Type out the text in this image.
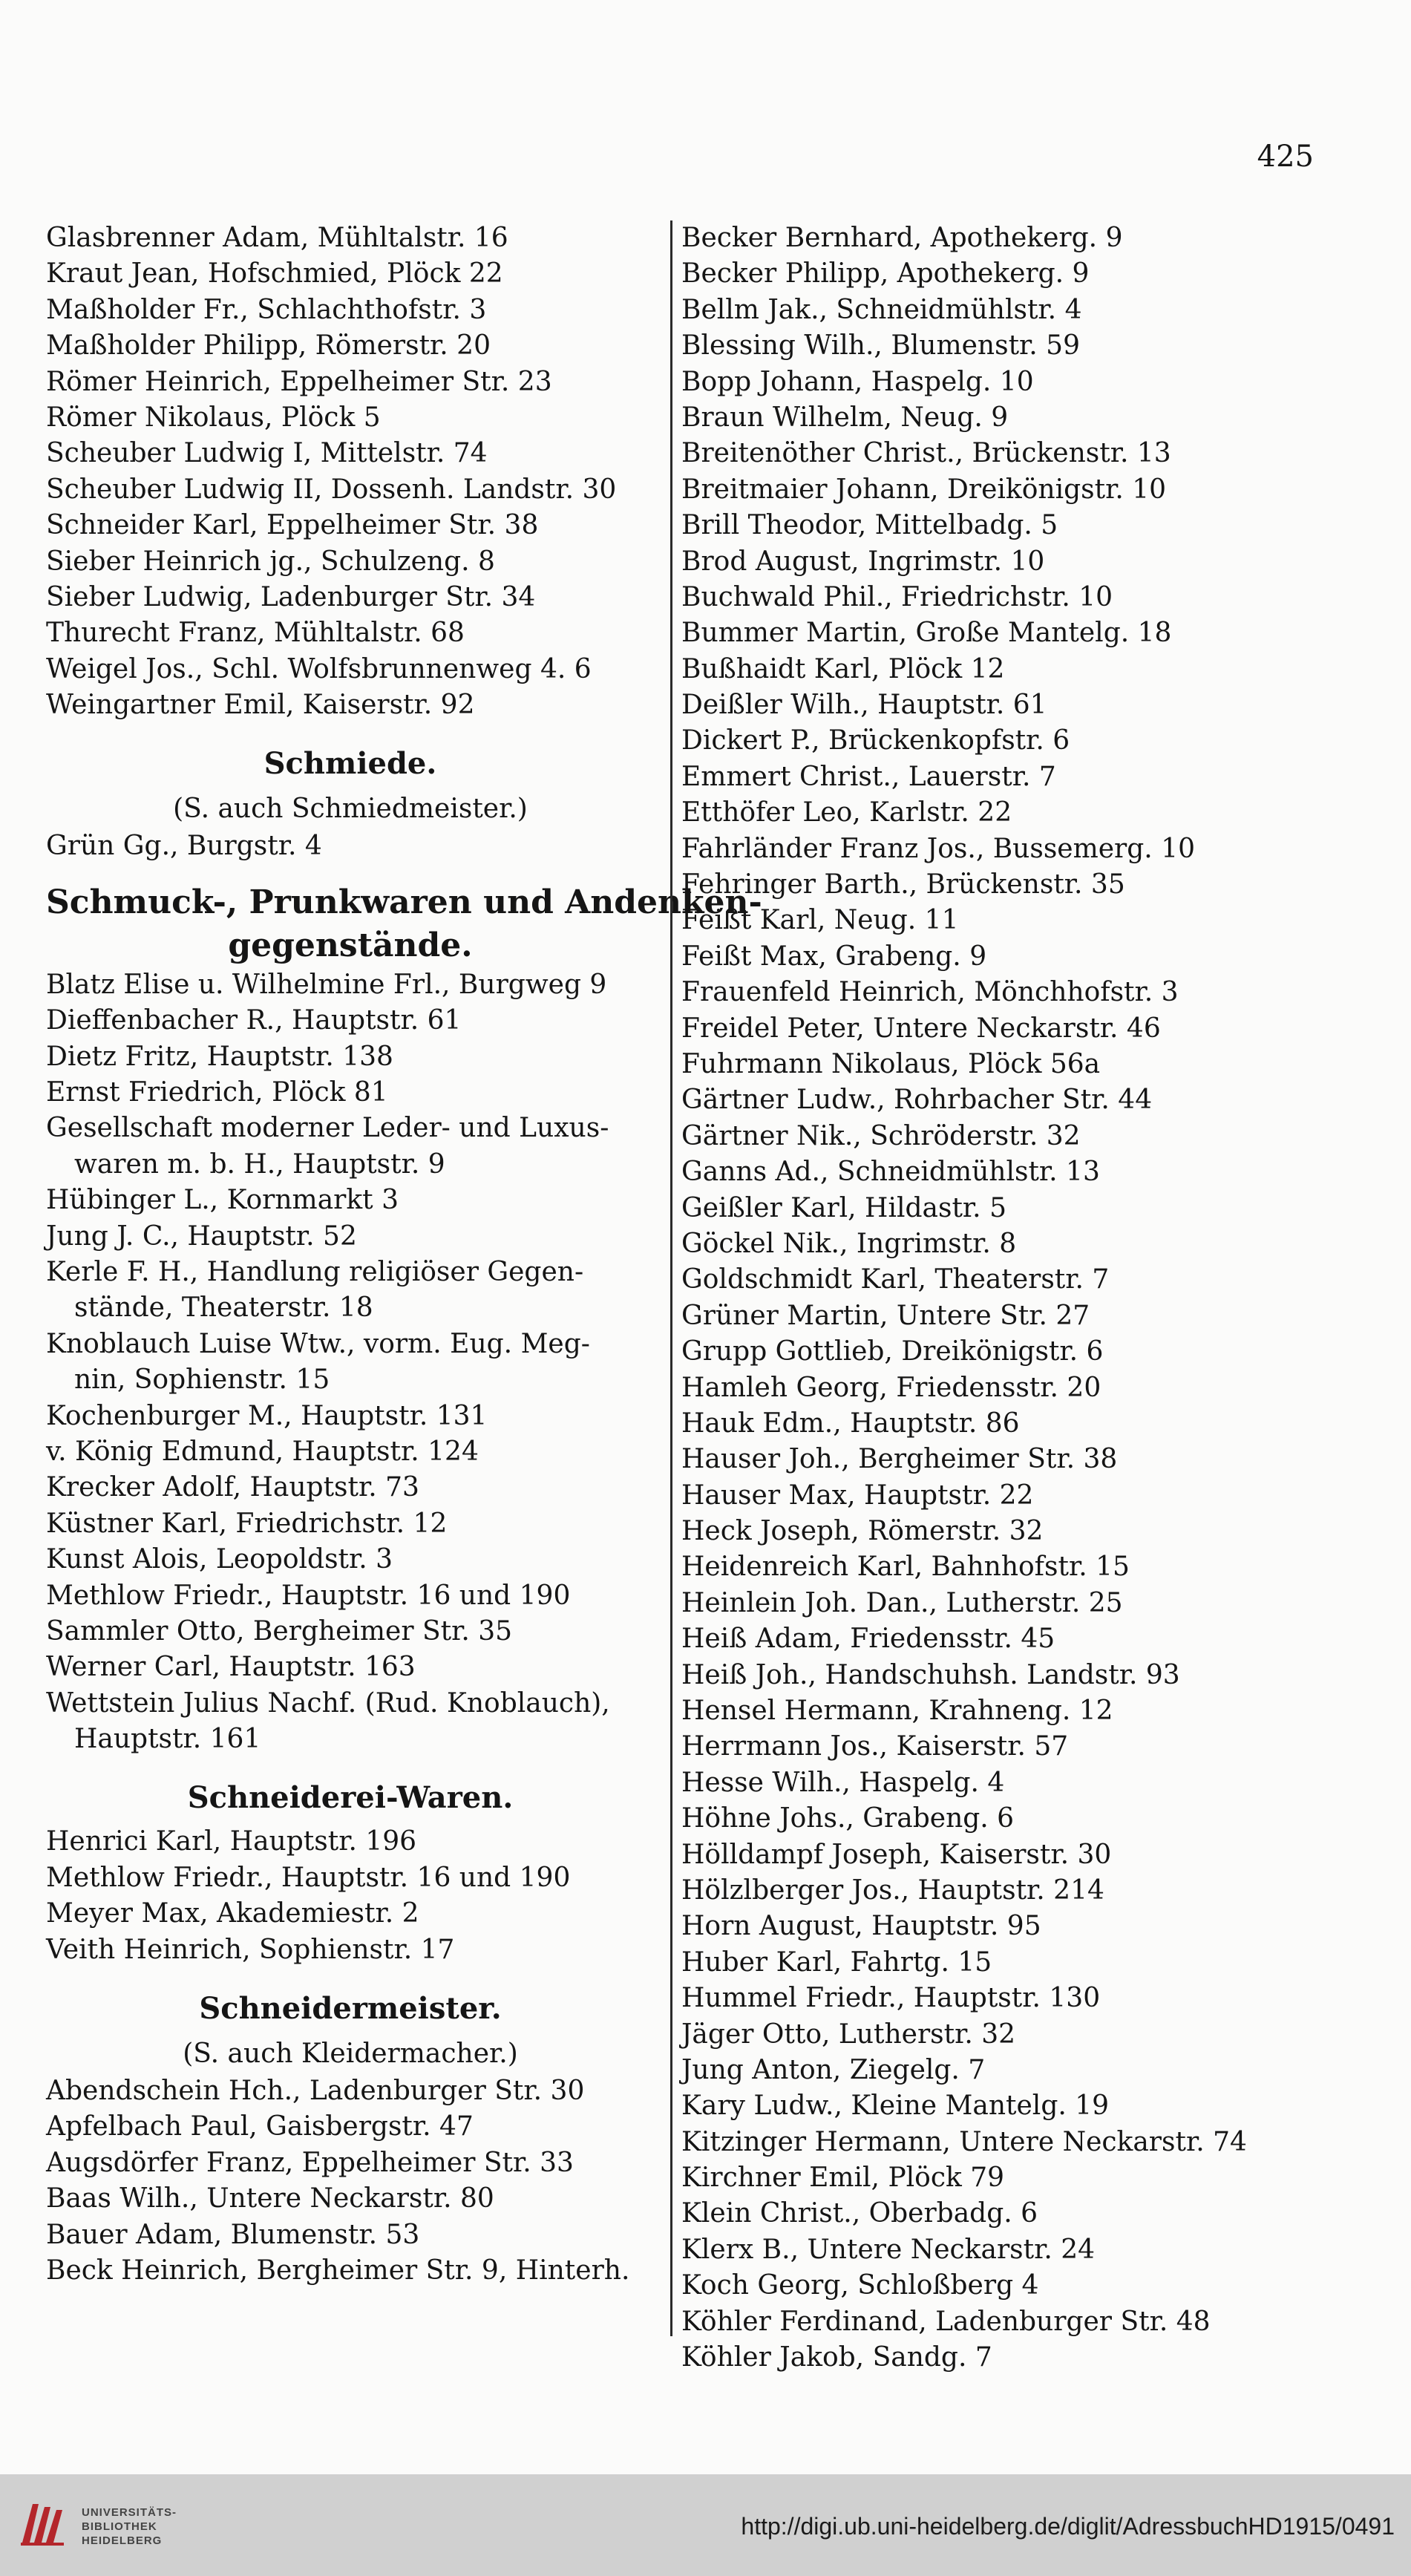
425
Glasbrenner Adam, Mühltalstr. 16
Kraut Jean, Hofschmied, Plöck 22
Maßholder Fr., Schlachthofstr. 3
Maßholder Philipp, Römerstr. 20
Römer Heinrich, Eppelheimer Str. 23
Römer Nikolaus, Plöck 5
Scheuber Ludwig I, Mittelstr. 74
Scheuber Ludwig II, Dossenh. Landstr. 30
Schneider Karl, Eppelheimer Str. 38
Sieber Heinrich jg., Schulzeng. 8
Sieber Ludwig, Ladenburger Str. 34
Thurecht Franz, Mühltalstr. 68
Weigel Jos., Schl. Wolfsbrunnenweg 4. 6
Weingartner Emil, Kaiserstr. 92
Schmiede.
(S. auch Schmiedmeister.)
Grün Gg., Burgstr. 4
Schmuck-, Prunkwaren und Andenken-
gegenstände.
Blatz Elise u. Wilhelmine Frl., Burgweg 9
Dieffenbacher R., Hauptstr. 61
Dietz Fritz, Hauptstr. 138
Ernst Friedrich, Plöck 81
Gesellschaft moderner Leder- und Luxus-
waren m. b. H., Hauptstr. 9
Hübinger L., Kornmarkt 3
Jung J. C., Hauptstr. 52
Kerle F. H., Handlung religiöser Gegen-
stände, Theaterstr. 18
Knoblauch Luise Wtw., vorm. Eug. Meg-
nin, Sophienstr. 15
Kochenburger M., Hauptstr. 131
v. König Edmund, Hauptstr. 124
Krecker Adolf, Hauptstr. 73
Küstner Karl, Friedrichstr. 12
Kunst Alois, Leopoldstr. 3
Methlow Friedr., Hauptstr. 16 und 190
Sammler Otto, Bergheimer Str. 35
Werner Carl, Hauptstr. 163
Wettstein Julius Nachf. (Rud. Knoblauch),
Hauptstr. 161
Schneiderei-Waren.
Henrici Karl, Hauptstr. 196
Methlow Friedr., Hauptstr. 16 und 190
Meyer Max, Akademiestr. 2
Veith Heinrich, Sophienstr. 17
Schneidermeister.
(S. auch Kleidermacher.)
Abendschein Hch., Ladenburger Str. 30
Apfelbach Paul, Gaisbergstr. 47
Augsdörfer Franz, Eppelheimer Str. 33
Baas Wilh., Untere Neckarstr. 80
Bauer Adam, Blumenstr. 53
Beck Heinrich, Bergheimer Str. 9, Hinterh.
Becker Bernhard, Apothekerg. 9
Becker Philipp, Apothekerg. 9
Bellm Jak., Schneidmühlstr. 4
Blessing Wilh., Blumenstr. 59
Bopp Johann, Haspelg. 10
Braun Wilhelm, Neug. 9
Breitenöther Christ., Brückenstr. 13
Breitmaier Johann, Dreikönigstr. 10
Brill Theodor, Mittelbadg. 5
Brod August, Ingrimstr. 10
Buchwald Phil., Friedrichstr. 10
Bummer Martin, Große Mantelg. 18
Bußhaidt Karl, Plöck 12
Deißler Wilh., Hauptstr. 61
Dickert P., Brückenkopfstr. 6
Emmert Christ., Lauerstr. 7
Etthöfer Leo, Karlstr. 22
Fahrländer Franz Jos., Bussemerg. 10
Fehringer Barth., Brückenstr. 35
Feißt Karl, Neug. 11
Feißt Max, Grabeng. 9
Frauenfeld Heinrich, Mönchhofstr. 3
Freidel Peter, Untere Neckarstr. 46
Fuhrmann Nikolaus, Plöck 56a
Gärtner Ludw., Rohrbacher Str. 44
Gärtner Nik., Schröderstr. 32
Ganns Ad., Schneidmühlstr. 13
Geißler Karl, Hildastr. 5
Göckel Nik., Ingrimstr. 8
Goldschmidt Karl, Theaterstr. 7
Grüner Martin, Untere Str. 27
Grupp Gottlieb, Dreikönigstr. 6
Hamleh Georg, Friedensstr. 20
Hauk Edm., Hauptstr. 86
Hauser Joh., Bergheimer Str. 38
Hauser Max, Hauptstr. 22
Heck Joseph, Römerstr. 32
Heidenreich Karl, Bahnhofstr. 15
Heinlein Joh. Dan., Lutherstr. 25
Heiß Adam, Friedensstr. 45
Heiß Joh., Handschuhsh. Landstr. 93
Hensel Hermann, Krahneng. 12
Herrmann Jos., Kaiserstr. 57
Hesse Wilh., Haspelg. 4
Höhne Johs., Grabeng. 6
Hölldampf Joseph, Kaiserstr. 30
Hölzlberger Jos., Hauptstr. 214
Horn August, Hauptstr. 95
Huber Karl, Fahrtg. 15
Hummel Friedr., Hauptstr. 130
Jäger Otto, Lutherstr. 32
Jung Anton, Ziegelg. 7
Kary Ludw., Kleine Mantelg. 19
Kitzinger Hermann, Untere Neckarstr. 74
Kirchner Emil, Plöck 79
Klein Christ., Oberbadg. 6
Klerx B., Untere Neckarstr. 24
Koch Georg, Schloßberg 4
Köhler Ferdinand, Ladenburger Str. 48
Köhler Jakob, Sandg. 7
UNIVERSITÄTS-
BIBLIOTHEK
HEIDELBERG
http://digi.ub.uni-heidelberg.de/diglit/AdressbuchHD1915/0491
